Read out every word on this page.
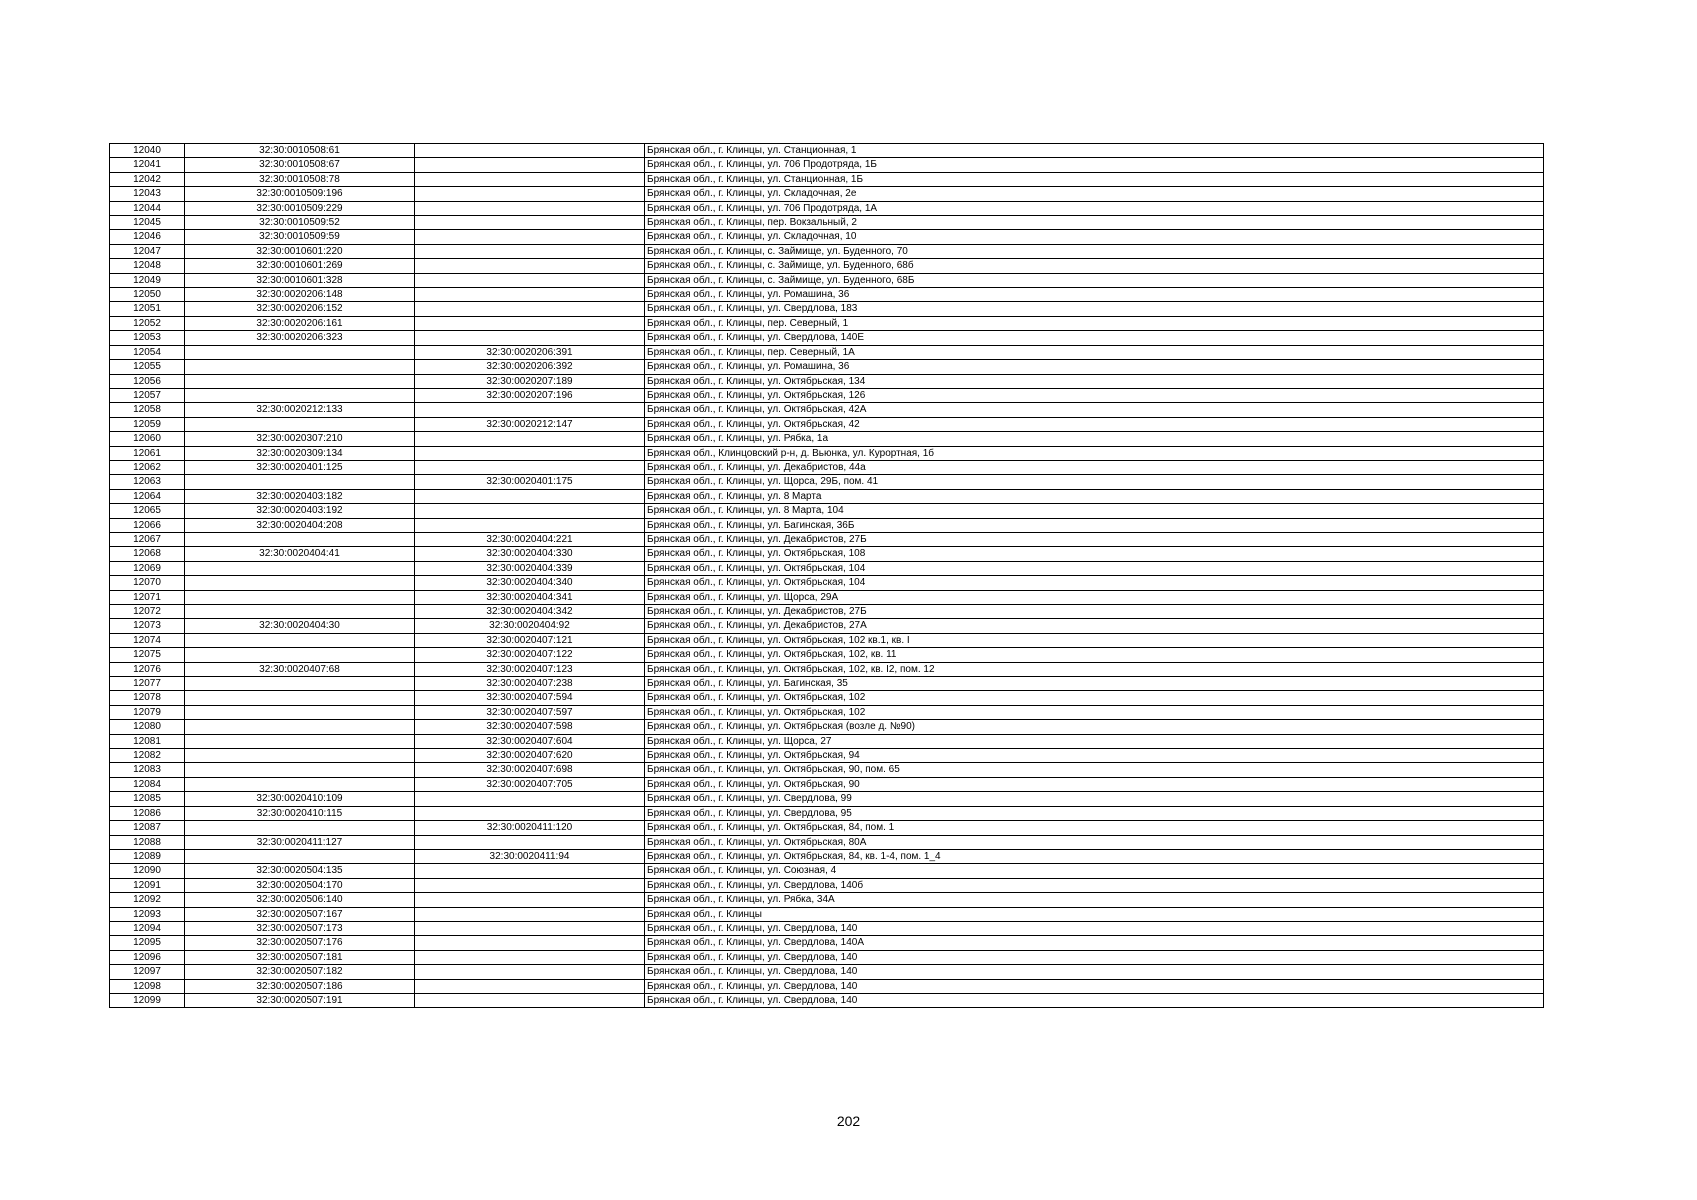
12040	32:30:0010508:61		Брянская обл., г. Клинцы, ул. Станционная, 1
12041	32:30:0010508:67		Брянская обл., г. Клинцы, ул. 706 Продотряда, 1Б
12042	32:30:0010508:78		Брянская обл., г. Клинцы, ул. Станционная, 1Б
12043	32:30:0010509:196		Брянская обл., г. Клинцы, ул. Складочная, 2е
12044	32:30:0010509:229		Брянская обл., г. Клинцы, ул. 706 Продотряда, 1А
12045	32:30:0010509:52		Брянская обл., г. Клинцы, пер. Вокзальный, 2
12046	32:30:0010509:59		Брянская обл., г. Клинцы, ул. Складочная, 10
12047	32:30:0010601:220		Брянская обл., г. Клинцы, с. Займище, ул. Буденного, 70
12048	32:30:0010601:269		Брянская обл., г. Клинцы, с. Займище, ул. Буденного, 68б
12049	32:30:0010601:328		Брянская обл., г. Клинцы, с. Займище, ул. Буденного, 68Б
12050	32:30:0020206:148		Брянская обл., г. Клинцы, ул. Ромашина, 36
12051	32:30:0020206:152		Брянская обл., г. Клинцы, ул. Свердлова, 183
12052	32:30:0020206:161		Брянская обл., г. Клинцы, пер. Северный, 1
12053	32:30:0020206:323		Брянская обл., г. Клинцы, ул. Свердлова, 140Е
12054		32:30:0020206:391	Брянская обл., г. Клинцы, пер. Северный, 1А
12055		32:30:0020206:392	Брянская обл., г. Клинцы, ул. Ромашина, 36
12056		32:30:0020207:189	Брянская обл., г. Клинцы, ул. Октябрьская, 134
12057		32:30:0020207:196	Брянская обл., г. Клинцы, ул. Октябрьская, 126
12058	32:30:0020212:133		Брянская обл., г. Клинцы, ул. Октябрьская, 42А
12059		32:30:0020212:147	Брянская обл., г. Клинцы, ул. Октябрьская, 42
12060	32:30:0020307:210		Брянская обл., г. Клинцы, ул. Рябка, 1а
12061	32:30:0020309:134		Брянская обл., Клинцовский р-н, д. Вьюнка, ул. Курортная, 1б
12062	32:30:0020401:125		Брянская обл., г. Клинцы, ул. Декабристов, 44а
12063		32:30:0020401:175	Брянская обл., г. Клинцы, ул. Щорса, 29Б, пом. 41
12064	32:30:0020403:182		Брянская обл., г. Клинцы, ул. 8 Марта
12065	32:30:0020403:192		Брянская обл., г. Клинцы, ул. 8 Марта, 104
12066	32:30:0020404:208		Брянская обл., г. Клинцы, ул. Багинская, 36Б
12067		32:30:0020404:221	Брянская обл., г. Клинцы, ул. Декабристов, 27Б
12068	32:30:0020404:41	32:30:0020404:330	Брянская обл., г. Клинцы, ул. Октябрьская, 108
12069		32:30:0020404:339	Брянская обл., г. Клинцы, ул. Октябрьская, 104
12070		32:30:0020404:340	Брянская обл., г. Клинцы, ул. Октябрьская, 104
12071		32:30:0020404:341	Брянская обл., г. Клинцы, ул. Щорса, 29А
12072		32:30:0020404:342	Брянская обл., г. Клинцы, ул. Декабристов, 27Б
12073	32:30:0020404:30	32:30:0020404:92	Брянская обл., г. Клинцы, ул. Декабристов, 27А
12074		32:30:0020407:121	Брянская обл., г. Клинцы, ул. Октябрьская, 102 кв.1, кв. I
12075		32:30:0020407:122	Брянская обл., г. Клинцы, ул. Октябрьская, 102, кв. 11
12076	32:30:0020407:68	32:30:0020407:123	Брянская обл., г. Клинцы, ул. Октябрьская, 102, кв. I2, пом. 12
12077		32:30:0020407:238	Брянская обл., г. Клинцы, ул. Багинская, 35
12078		32:30:0020407:594	Брянская обл., г. Клинцы, ул. Октябрьская, 102
12079		32:30:0020407:597	Брянская обл., г. Клинцы, ул. Октябрьская, 102
12080		32:30:0020407:598	Брянская обл., г. Клинцы, ул. Октябрьская (возле д. №90)
12081		32:30:0020407:604	Брянская обл., г. Клинцы, ул. Щорса, 27
12082		32:30:0020407:620	Брянская обл., г. Клинцы, ул. Октябрьская, 94
12083		32:30:0020407:698	Брянская обл., г. Клинцы, ул. Октябрьская, 90, пом. 65
12084		32:30:0020407:705	Брянская обл., г. Клинцы, ул. Октябрьская, 90
12085	32:30:0020410:109		Брянская обл., г. Клинцы, ул. Свердлова, 99
12086	32:30:0020410:115		Брянская обл., г. Клинцы, ул. Свердлова, 95
12087		32:30:0020411:120	Брянская обл., г. Клинцы, ул. Октябрьская, 84, пом. 1
12088	32:30:0020411:127		Брянская обл., г. Клинцы, ул. Октябрьская, 80А
12089		32:30:0020411:94	Брянская обл., г. Клинцы, ул. Октябрьская, 84, кв. 1-4, пом. 1_4
12090	32:30:0020504:135		Брянская обл., г. Клинцы, ул. Союзная, 4
12091	32:30:0020504:170		Брянская обл., г. Клинцы, ул. Свердлова, 140б
12092	32:30:0020506:140		Брянская обл., г. Клинцы, ул. Рябка, 34А
12093	32:30:0020507:167		Брянская обл., г. Клинцы
12094	32:30:0020507:173		Брянская обл., г. Клинцы, ул. Свердлова, 140
12095	32:30:0020507:176		Брянская обл., г. Клинцы, ул. Свердлова, 140А
12096	32:30:0020507:181		Брянская обл., г. Клинцы, ул. Свердлова, 140
12097	32:30:0020507:182		Брянская обл., г. Клинцы, ул. Свердлова, 140
12098	32:30:0020507:186		Брянская обл., г. Клинцы, ул. Свердлова, 140
12099	32:30:0020507:191		Брянская обл., г. Клинцы, ул. Свердлова, 140
202
